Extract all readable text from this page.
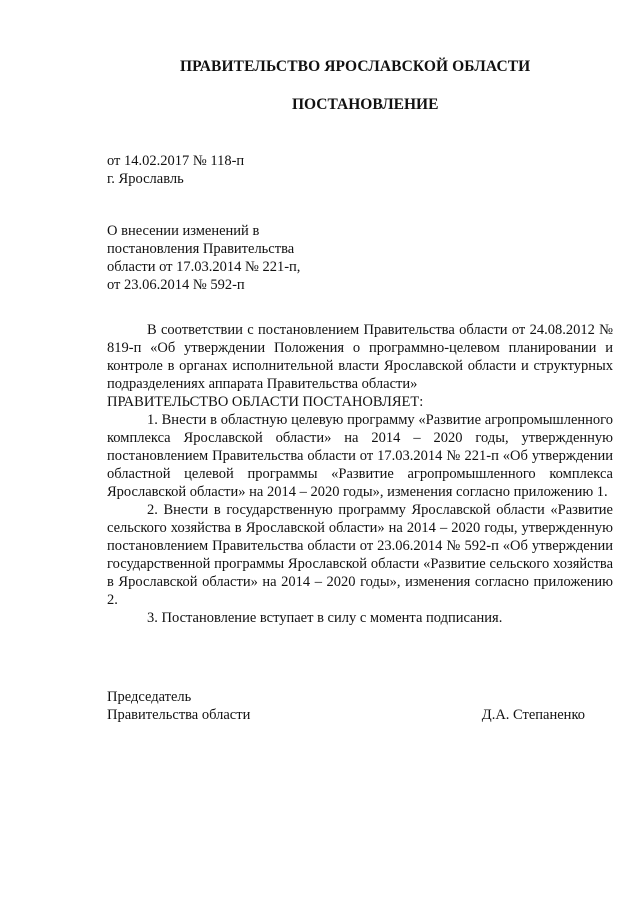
ПРАВИТЕЛЬСТВО ЯРОСЛАВСКОЙ ОБЛАСТИ
ПОСТАНОВЛЕНИЕ
от 14.02.2017 № 118-п
г. Ярославль
О внесении изменений в
постановления Правительства
области от 17.03.2014 № 221-п,
от 23.06.2014 № 592-п

В соответствии с постановлением Правительства области от 24.08.2012 № 819-п «Об утверждении Положения о программно-целевом планировании и контроле в органах исполнительной власти Ярославской области и структурных подразделениях аппарата Правительства области»

ПРАВИТЕЛЬСТВО ОБЛАСТИ ПОСТАНОВЛЯЕТ:

1. Внести в областную целевую программу «Развитие агропромышленного комплекса Ярославской области» на 2014 – 2020 годы, утвержденную постановлением Правительства области от 17.03.2014 № 221-п «Об утверждении областной целевой программы «Развитие агропромышленного комплекса Ярославской области» на 2014 – 2020 годы», изменения согласно приложению 1.

2. Внести в государственную программу Ярославской области «Развитие сельского хозяйства в Ярославской области» на 2014 – 2020 годы, утвержденную постановлением Правительства области от 23.06.2014 № 592-п «Об утверждении государственной программы Ярославской области «Развитие сельского хозяйства в Ярославской области» на 2014 – 2020 годы», изменения согласно приложению 2.

3. Постановление вступает в силу с момента подписания.

Председатель
Правительства области	Д.А. Степаненко
